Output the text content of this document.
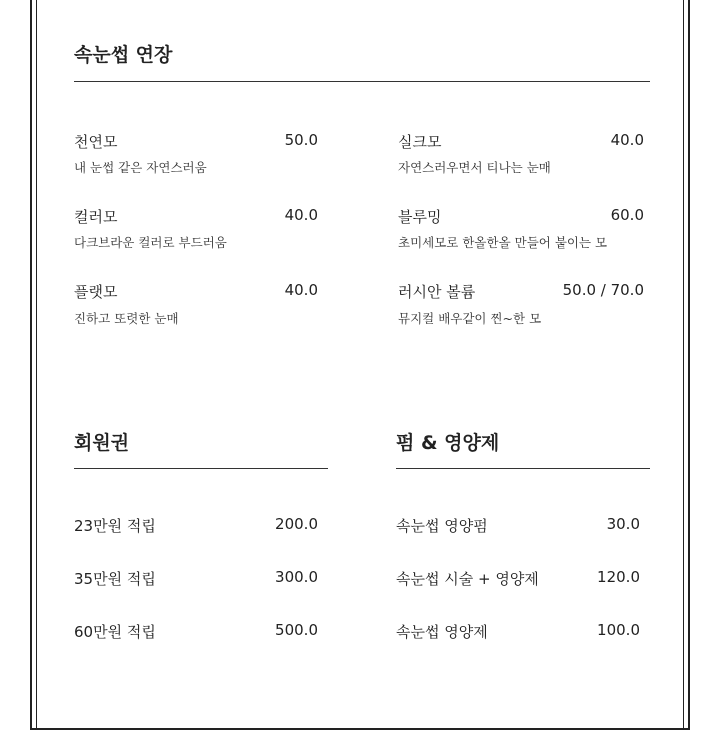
속눈썹 연장
천연모	50.0
내 눈썹 같은 자연스러움
컬러모	40.0
다크브라운 컬러로 부드러움
플랫모	40.0
진하고 또렷한 눈매
실크모	40.0
자연스러우면서 티나는 눈매
블루밍	60.0
초미세모로 한올한올 만들어 붙이는 모
러시안 볼륨	50.0 / 70.0
뮤지컬 배우같이 찐~한 모
회원권
23만원 적립	200.0
35만원 적립	300.0
60만원 적립	500.0
펌 & 영양제
속눈썹 영양펌	30.0
속눈썹 시술 + 영양제	120.0
속눈썹 영양제	100.0
